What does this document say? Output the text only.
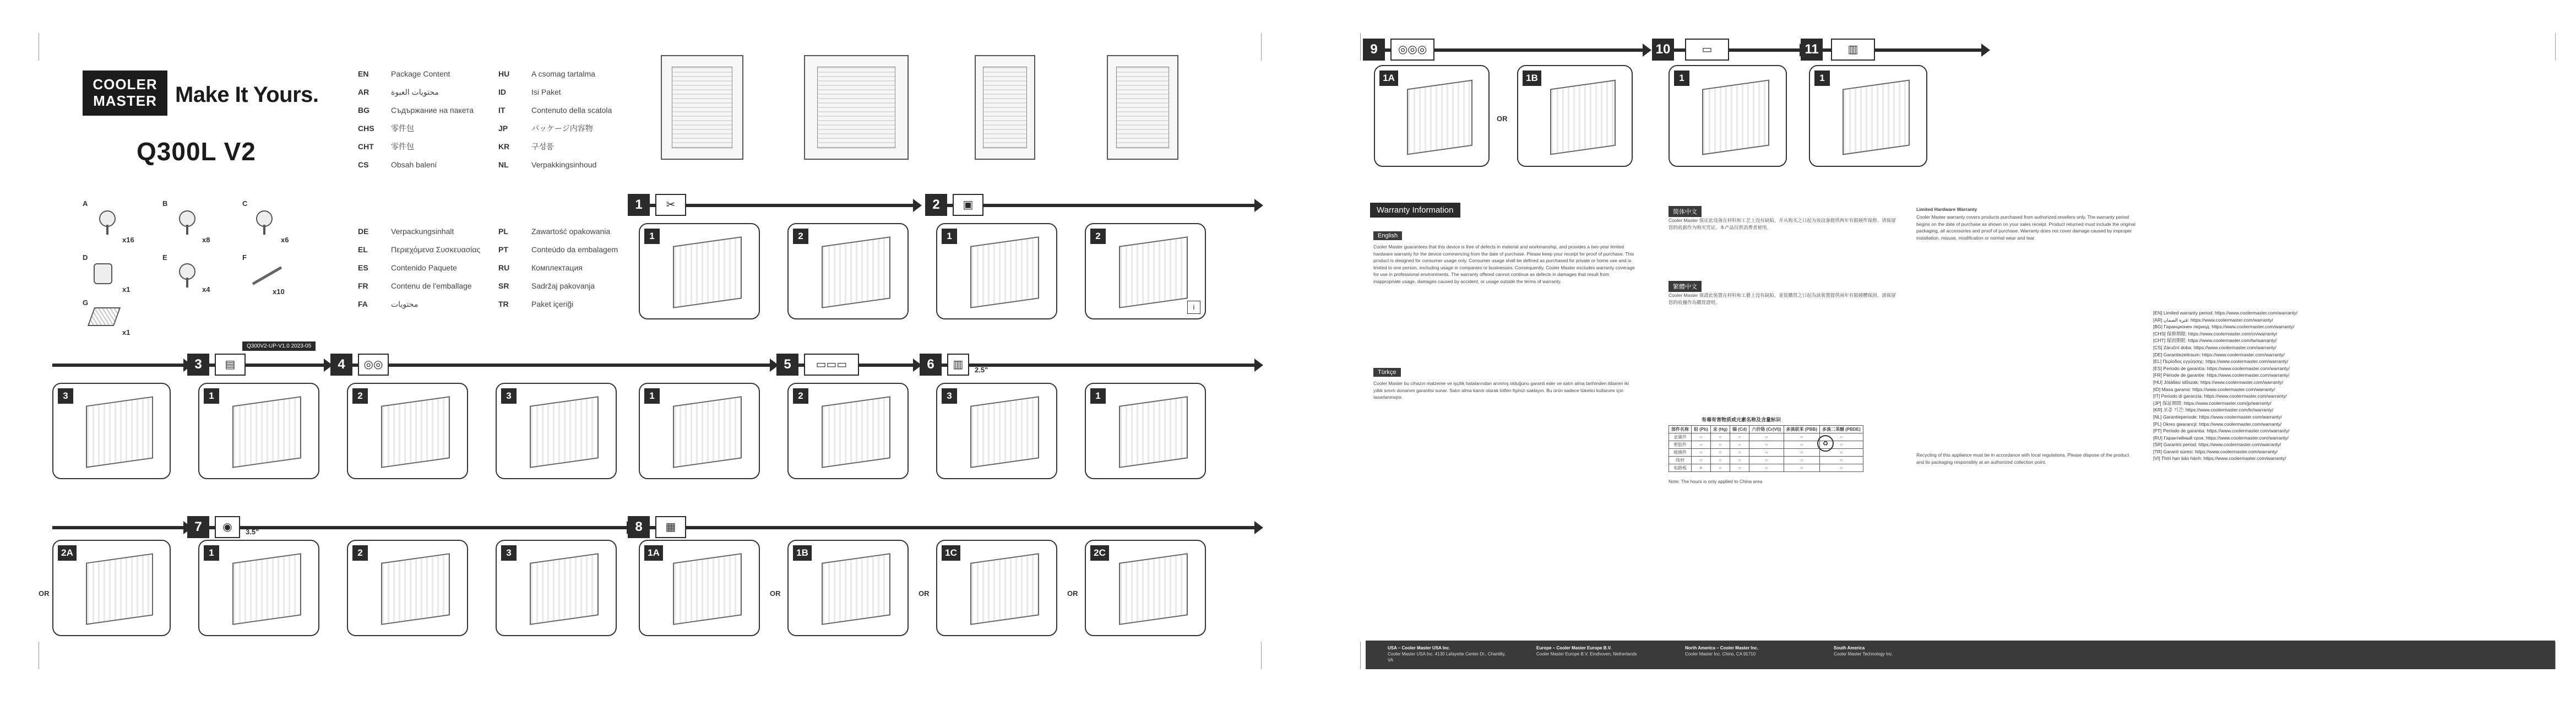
COOLER MASTER Make It Yours.
Q300L V2
EN	Package Content
AR	محتويات العبوة
BG	Съдържание на пакета
CHS	零件包
CHT	零件包
CS	Obsah balení
HU	A csomag tartalma
ID	Isi Paket
IT	Contenuto della scatola
JP	パッケージ内容物
KR	구성품
NL	Verpakkingsinhoud
DE	Verpackungsinhalt
EL	Περιεχόμενα Συσκευασίας
ES	Contenido Paquete
FR	Contenu de l'emballage
FA	محتويات
PL	Zawartość opakowania
PT	Conteúdo da embalagem
RU	Комплектация
SR	Sadržaj pakovanja
TR	Paket içeriği
A
x16
B
x8
C
x6
D
x1
E
x4
F
x10
G
x1
Q300V2-UP-V1.0 2023-05
1	✂	2	▣
1	2	1	2
i
3	▤	4	◎◎	5	▭▭▭	6	▥	2.5"
3	1	2	3	1	2	3	1
7	◉	3.5"	8	▦
2A
OR
1	2	3	1A
OR
1B
OR
1C
OR
2C
9	◎◎◎	10	▭	11	▥
1A
OR
1B	1	1
Warranty Information
English
Cooler Master guarantees that this device is free of defects in material and workmanship, and provides a two-year limited hardware warranty for the device commencing from the date of purchase. Please keep your receipt for proof of purchase. This product is designed for consumer usage only. Consumer usage shall be defined as purchased for private or home use and is limited to one person, excluding usage in companies or businesses. Consequently, Cooler Master excludes warranty coverage for use in professional environments. The warranty offered cannot continue as defects in damages that result from inappropriate usage, damages caused by accident, or usage outside the terms of warranty.
Türkçe
Cooler Master bu cihazın malzeme ve işçilik hatalarından arınmış olduğunu garanti eder ve satın alma tarihinden itibaren iki yıllık sınırlı donanım garantisi sunar. Satın alma kanıtı olarak lütfen fişinizi saklayın. Bu ürün sadece tüketici kullanımı için tasarlanmıştır.
简体中文
Cooler Master 保证此设备在材料和工艺上没有缺陷，并从购买之日起为该设备提供两年有限硬件保修。请保留您的收据作为购买凭证。本产品仅供消费者使用。
繁體中文
Cooler Master 保證此裝置在材料和工藝上沒有缺陷，並從購買之日起為該裝置提供兩年有限硬體保固。請保留您的收據作為購買證明。
有毒有害物质或元素名称及含量标识
部件名称	铅 (Pb)	汞 (Hg)	镉 (Cd)	六价铬 (Cr(VI))	多溴联苯 (PBB)	多溴二苯醚 (PBDE)
金属件	○	○	○	○	○	○
塑胶件	○	○	○	○	○	○
玻璃件	○	○	○	○	○	○
线材	○	○	○	○	○	○
电路板	×	○	○	○	○	○
♻
Note: The hours is only applied to China area
Limited Hardware Warranty
Cooler Master warranty covers products purchased from authorized resellers only. The warranty period begins on the date of purchase as shown on your sales receipt. Product returned must include the original packaging, all accessories and proof of purchase. Warranty does not cover damage caused by improper installation, misuse, modification or normal wear and tear.
Recycling of this appliance must be in accordance with local regulations. Please dispose of the product and its packaging responsibly at an authorized collection point.
[EN] Limited warranty period: https://www.coolermaster.com/warranty/
[AR] فترة الضمان: https://www.coolermaster.com/warranty/
[BG] Гаранционен период: https://www.coolermaster.com/warranty/
[CHS] 保修期限: https://www.coolermaster.com/cn/warranty/
[CHT] 保固期限: https://www.coolermaster.com/tw/warranty/
[CS] Záruční doba: https://www.coolermaster.com/warranty/
[DE] Garantiezeitraum: https://www.coolermaster.com/warranty/
[EL] Περίοδος εγγύησης: https://www.coolermaster.com/warranty/
[ES] Periodo de garantía: https://www.coolermaster.com/warranty/
[FR] Période de garantie: https://www.coolermaster.com/warranty/
[HU] Jótállási időszak: https://www.coolermaster.com/warranty/
[ID] Masa garansi: https://www.coolermaster.com/warranty/
[IT] Periodo di garanzia: https://www.coolermaster.com/warranty/
[JP] 保証期間: https://www.coolermaster.com/jp/warranty/
[KR] 보증 기간: https://www.coolermaster.com/kr/warranty/
[NL] Garantieperiode: https://www.coolermaster.com/warranty/
[PL] Okres gwarancji: https://www.coolermaster.com/warranty/
[PT] Período de garantia: https://www.coolermaster.com/warranty/
[RU] Гарантийный срок: https://www.coolermaster.com/warranty/
[SR] Garantni period: https://www.coolermaster.com/warranty/
[TR] Garanti süresi: https://www.coolermaster.com/warranty/
[VI] Thời hạn bảo hành: https://www.coolermaster.com/warranty/
USA – Cooler Master USA Inc.
Cooler Master USA Inc. 4130 Lafayette Center Dr., Chantilly, VA
Europe – Cooler Master Europe B.V.
Cooler Master Europe B.V. Eindhoven, Netherlands
North America – Cooler Master Inc.
Cooler Master Inc. Chino, CA 91710
South America
Cooler Master Technology Inc.
